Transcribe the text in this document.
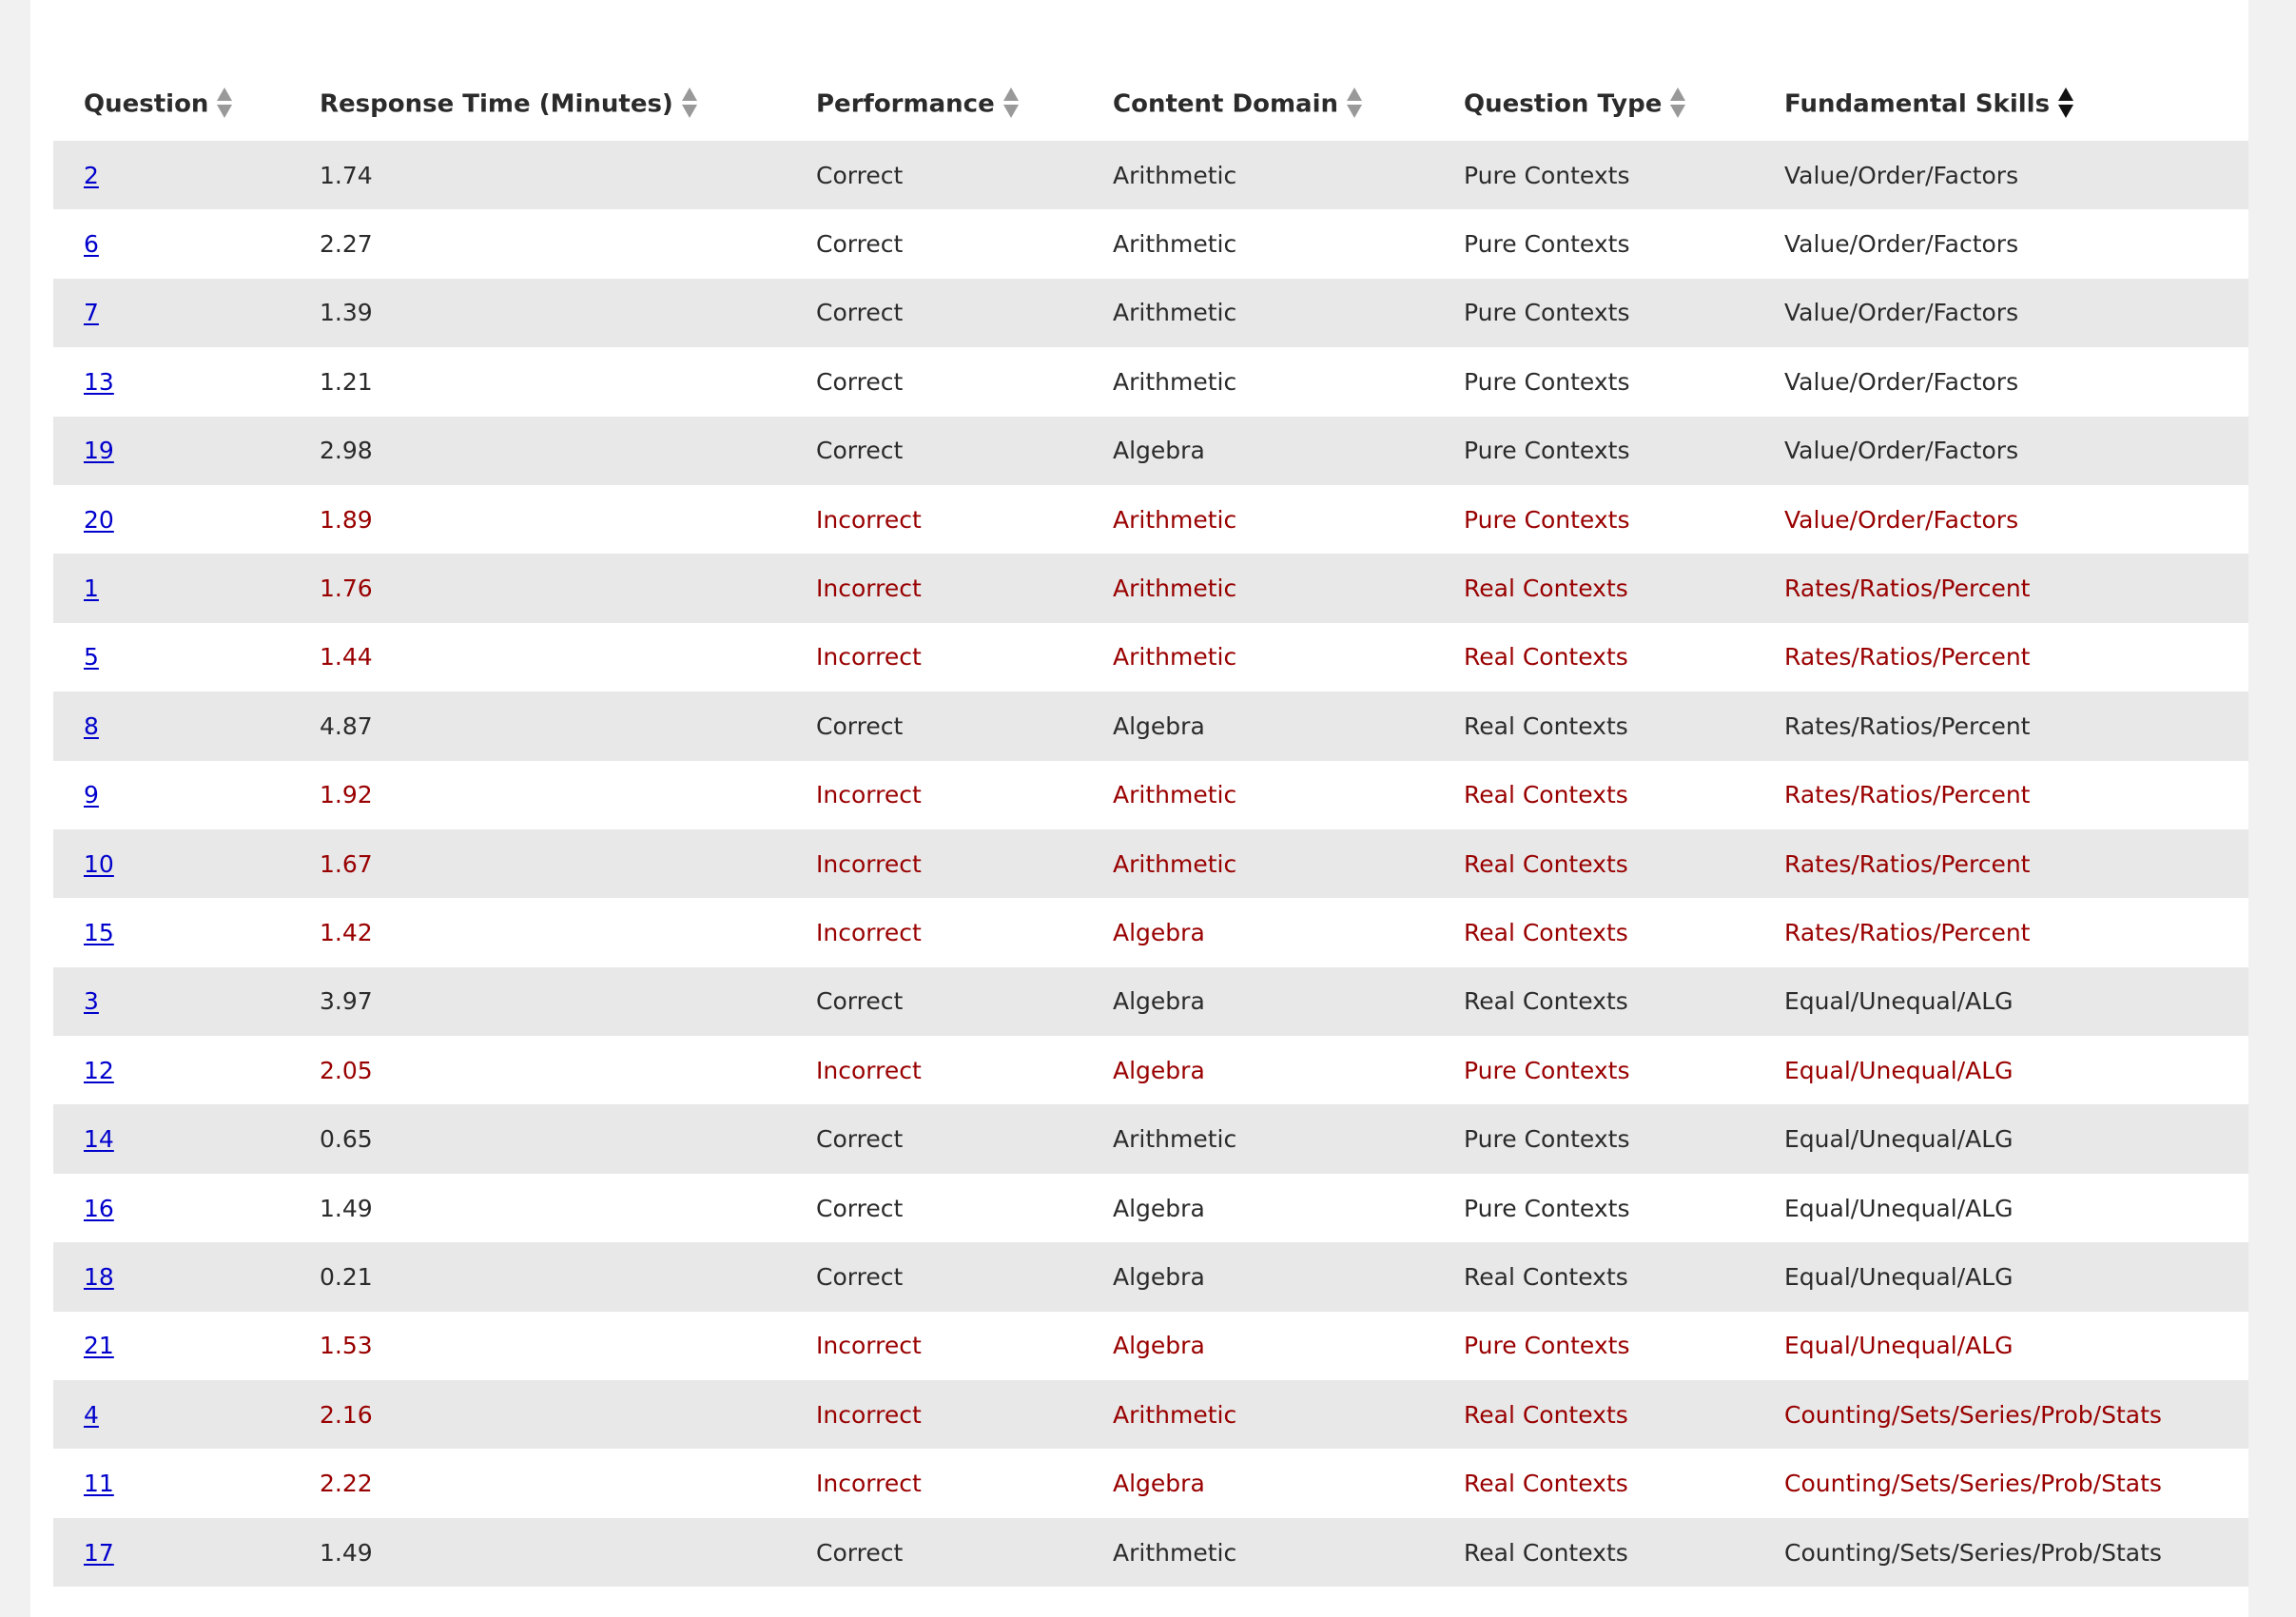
Question	Response Time (Minutes)	Performance	Content Domain	Question Type	Fundamental Skills

2	1.74	Correct	Arithmetic	Pure Contexts	Value/Order/Factors
6	2.27	Correct	Arithmetic	Pure Contexts	Value/Order/Factors
7	1.39	Correct	Arithmetic	Pure Contexts	Value/Order/Factors
13	1.21	Correct	Arithmetic	Pure Contexts	Value/Order/Factors
19	2.98	Correct	Algebra	Pure Contexts	Value/Order/Factors
20	1.89	Incorrect	Arithmetic	Pure Contexts	Value/Order/Factors
1	1.76	Incorrect	Arithmetic	Real Contexts	Rates/Ratios/Percent
5	1.44	Incorrect	Arithmetic	Real Contexts	Rates/Ratios/Percent
8	4.87	Correct	Algebra	Real Contexts	Rates/Ratios/Percent
9	1.92	Incorrect	Arithmetic	Real Contexts	Rates/Ratios/Percent
10	1.67	Incorrect	Arithmetic	Real Contexts	Rates/Ratios/Percent
15	1.42	Incorrect	Algebra	Real Contexts	Rates/Ratios/Percent
3	3.97	Correct	Algebra	Real Contexts	Equal/Unequal/ALG
12	2.05	Incorrect	Algebra	Pure Contexts	Equal/Unequal/ALG
14	0.65	Correct	Arithmetic	Pure Contexts	Equal/Unequal/ALG
16	1.49	Correct	Algebra	Pure Contexts	Equal/Unequal/ALG
18	0.21	Correct	Algebra	Real Contexts	Equal/Unequal/ALG
21	1.53	Incorrect	Algebra	Pure Contexts	Equal/Unequal/ALG
4	2.16	Incorrect	Arithmetic	Real Contexts	Counting/Sets/Series/Prob/Stats
11	2.22	Incorrect	Algebra	Real Contexts	Counting/Sets/Series/Prob/Stats
17	1.49	Correct	Arithmetic	Real Contexts	Counting/Sets/Series/Prob/Stats
